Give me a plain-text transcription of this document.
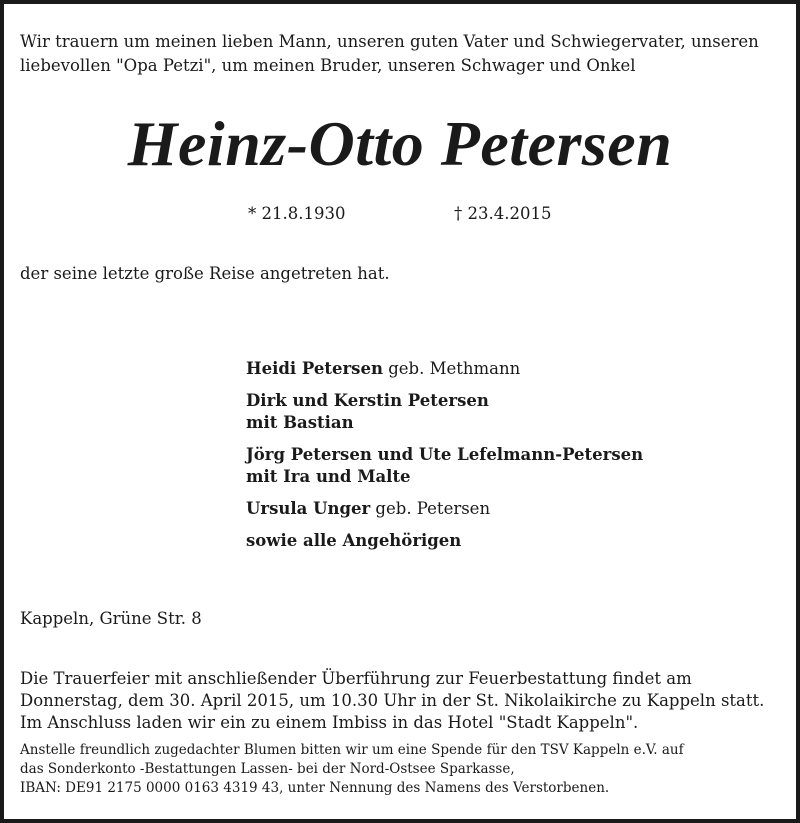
Wir trauern um meinen lieben Mann, unseren guten Vater und Schwiegervater, unseren liebevollen "Opa Petzi", um meinen Bruder, unseren Schwager und Onkel

Heinz-Otto Petersen
* 21.8.1930	† 23.4.2015

der seine letzte große Reise angetreten hat.

Heidi Petersen geb. Methmann
Dirk und Kerstin Petersen
mit Bastian
Jörg Petersen und Ute Lefelmann-Petersen
mit Ira und Malte
Ursula Unger geb. Petersen
sowie alle Angehörigen

Kappeln, Grüne Str. 8

Die Trauerfeier mit anschließender Überführung zur Feuerbestattung findet am
Donnerstag, dem 30. April 2015, um 10.30 Uhr in der St. Nikolaikirche zu Kappeln statt.
Im Anschluss laden wir ein zu einem Imbiss in das Hotel "Stadt Kappeln".
Anstelle freundlich zugedachter Blumen bitten wir um eine Spende für den TSV Kappeln e.V. auf
das Sonderkonto -Bestattungen Lassen- bei der Nord-Ostsee Sparkasse,
IBAN: DE91 2175 0000 0163 4319 43, unter Nennung des Namens des Verstorbenen.
